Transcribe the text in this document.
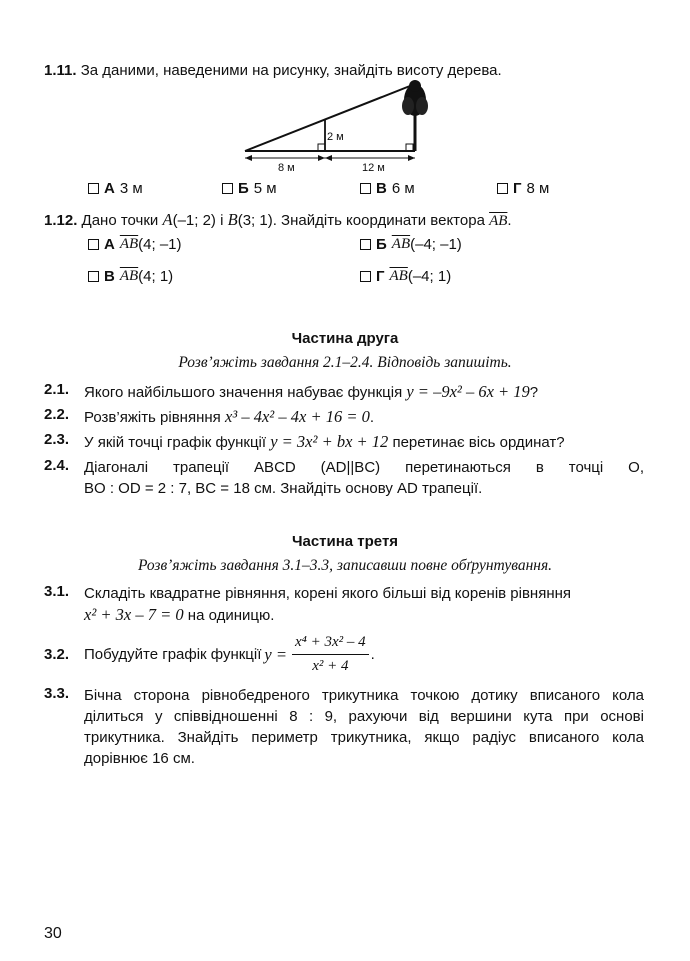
1.11. За даними, наведеними на рисунку, знайдіть висоту дерева.
2 м
8 м	12 м
А 3 м	Б 5 м	В 6 м	Г 8 м
1.12. Дано точки A(–1; 2) і B(3; 1). Знайдіть координати вектора $\overline{AB}$.
А $\overline{AB}$ (4; –1)	Б $\overline{AB}$ (–4; –1)
В $\overline{AB}$ (4; 1)	Г $\overline{AB}$ (–4; 1)
Частина друга
Розв’яжіть завдання 2.1–2.4. Відповідь запишіть.
2.1. Якого найбільшого значення набуває функція y = –9x² – 6x + 19?
2.2. Розв’яжіть рівняння x³ – 4x² – 4x + 16 = 0.
2.3. У якій точці графік функції y = 3x² + bx + 12 перетинає вісь ординат?
2.4. Діагоналі трапеції ABCD (AD||BC) перетинаються в точці O,
BO : OD = 2 : 7, BC = 18 см. Знайдіть основу AD трапеції.
Частина третя
Розв’яжіть завдання 3.1–3.3, записавши повне обґрунтування.
3.1. Складіть квадратне рівняння, корені якого більші від коренів рівняння
x² + 3x – 7 = 0 на одиницю.
3.2. Побудуйте графік функції $y = \frac{\text{x⁴ + 3x² – 4}}{\text{x² + 4}}$ .
3.3. Бічна сторона рівнобедреного трикутника точкою дотику вписаного кола ділиться у співвідношенні 8 : 9, рахуючи від вершини кута при основі трикутника. Знайдіть периметр трикутника, якщо радіус вписаного кола дорівнює 16 см.
30
